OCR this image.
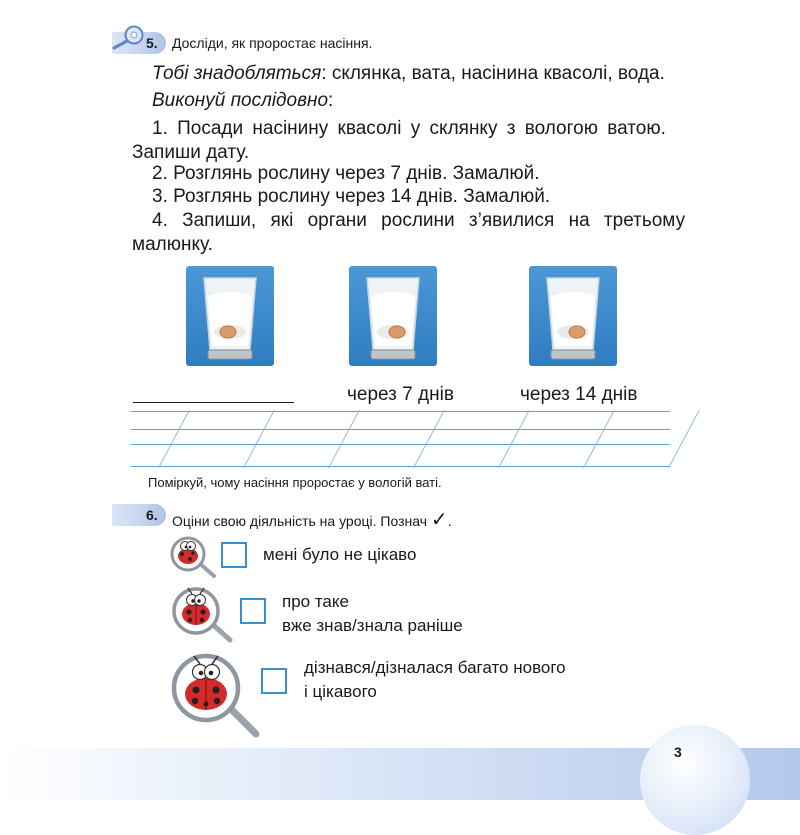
5. Досліди, як проростає насіння.
Тобі знадобляться: склянка, вата, насінина квасолі, вода.
Виконуй послідовно:
1. Посади насінину квасолі у склянку з вологою ватою.
Запиши дату.
2. Розглянь рослину через 7 днів. Замалюй.
3. Розглянь рослину через 14 днів. Замалюй.
4. Запиши, які органи рослини з’явилися на третьому
малюнку.
через 7 днів	через 14 днів
Поміркуй, чому насіння проростає у вологій ваті.
6. Оціни свою діяльність на уроці. Познач ✓.
мені було не цікаво
про таке
вже знав/знала раніше
дізнався/дізналася багато нового
і цікавого
3
